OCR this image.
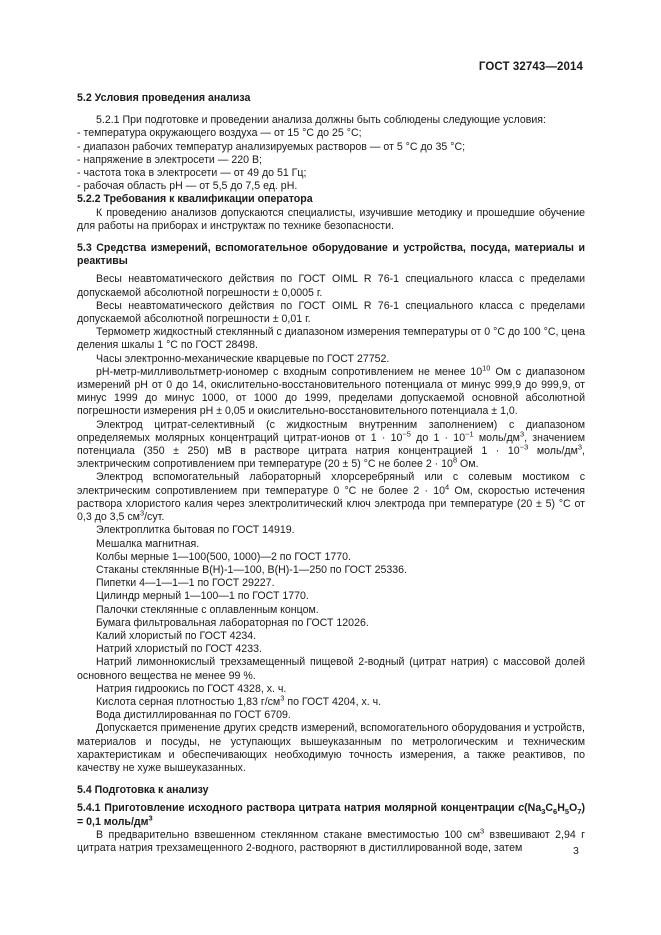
ГОСТ 32743—2014

5.2 Условия проведения анализа

5.2.1 При подготовке и проведении анализа должны быть соблюдены следующие условия:

- температура окружающего воздуха — от 15 °С до 25 °С;

- диапазон рабочих температур анализируемых растворов — от 5 °С до 35 °С;

- напряжение в электросети — 220 В;

- частота тока в электросети — от 49 до 51 Гц;

- рабочая область рН — от 5,5 до 7,5 ед. рН.

5.2.2 Требования к квалификации оператора

К проведению анализов допускаются специалисты, изучившие методику и прошедшие обучение для работы на приборах и инструктаж по технике безопасности.

5.3 Средства измерений, вспомогательное оборудование и устройства, посуда, материалы и реактивы

Весы неавтоматического действия по ГОСТ OIML R 76-1 специального класса с пределами допускаемой абсолютной погрешности ± 0,0005 г.

Весы неавтоматического действия по ГОСТ OIML R 76-1 специального класса с пределами допускаемой абсолютной погрешности ± 0,01 г.

Термометр жидкостный стеклянный с диапазоном измерения температуры от 0 °С до 100 °С, цена деления шкалы 1 °С по ГОСТ 28498.

Часы электронно-механические кварцевые по ГОСТ 27752.

рН-метр-милливольтметр-иономер с входным сопротивлением не менее $10^{10}$ Ом с диапазоном измерений рН от 0 до 14, окислительно-восстановительного потенциала от минус 999,9 до 999,9, от минус 1999 до минус 1000, от 1000 до 1999, пределами допускаемой основной абсолютной погрешности измерения рН ± 0,05 и окислительно-восстановительного потенциала ± 1,0.

Электрод цитрат-селективный (с жидкостным внутренним заполнением) с диапазоном определяемых молярных концентраций цитрат-ионов от $1 \cdot 10^{-5}$ до $1 \cdot 10^{-1}$ моль/$дм^3$, значением потенциала (350 ± 250) мВ в растворе цитрата натрия концентрацией $1 \cdot 10^{-3}$ моль/$дм^3$, электрическим сопротивлением при температуре (20 ± 5) °С не более $2 \cdot 10^8$ Ом.

Электрод вспомогательный лабораторный хлорсеребряный или с солевым мостиком с электрическим сопротивлением при температуре 0 °С не более $2 \cdot 10^4$ Ом, скоростью истечения раствора хлористого калия через электролитический ключ электрода при температуре (20 ± 5) °С от 0,3 до 3,5 $см^3$/сут.

Электроплитка бытовая по ГОСТ 14919.

Мешалка магнитная.

Колбы мерные 1—100(500, 1000)—2 по ГОСТ 1770.

Стаканы стеклянные В(Н)-1—100, В(Н)-1—250 по ГОСТ 25336.

Пипетки 4—1—1—1 по ГОСТ 29227.

Цилиндр мерный 1—100—1 по ГОСТ 1770.

Палочки стеклянные с оплавленным концом.

Бумага фильтровальная лабораторная по ГОСТ 12026.

Калий хлористый по ГОСТ 4234.

Натрий хлористый по ГОСТ 4233.

Натрий лимоннокислый трехзамещенный пищевой 2-водный (цитрат натрия) с массовой долей основного вещества не менее 99 %.

Натрия гидроокись по ГОСТ 4328, х. ч.

Кислота серная плотностью 1,83 $г/см^3$ по ГОСТ 4204, х. ч.

Вода дистиллированная по ГОСТ 6709.

Допускается применение других средств измерений, вспомогательного оборудования и устройств, материалов и посуды, не уступающих вышеуказанным по метрологическим и техническим характеристикам и обеспечивающих необходимую точность измерения, а также реактивов, по качеству не хуже вышеуказанных.

5.4 Подготовка к анализу

5.4.1 Приготовление исходного раствора цитрата натрия молярной концентрации $c(Na_3C_6H_5O_7) = 0,1$ моль/$дм^3$

В предварительно взвешенном стеклянном стакане вместимостью 100 $см^3$ взвешивают 2,94 г цитрата натрия трехзамещенного 2-водного, растворяют в дистиллированной воде, затем	3
